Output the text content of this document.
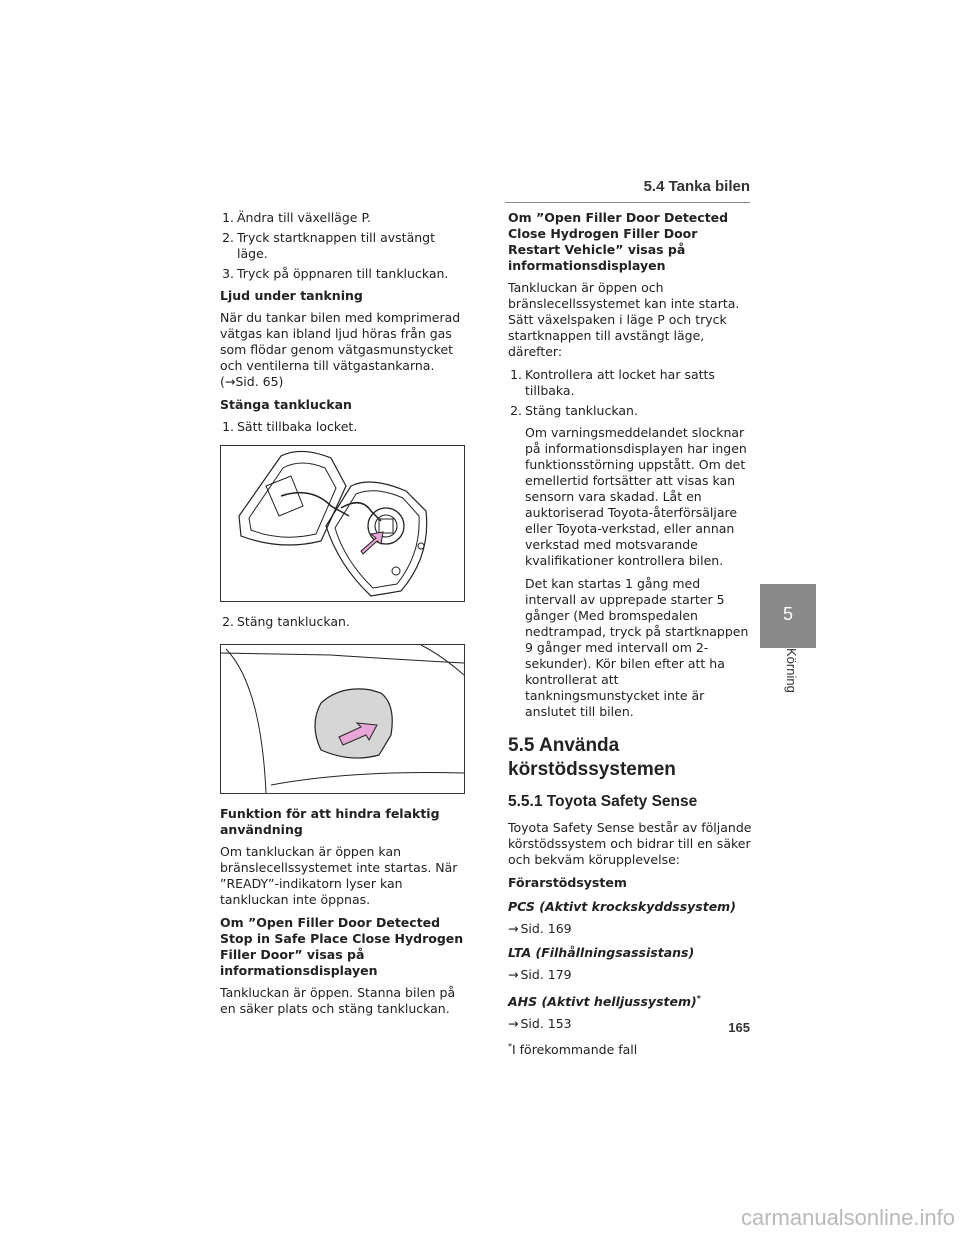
5.4 Tanka bilen
1. Ändra till växelläge P.
2. Tryck startknappen till avstängt läge.
3. Tryck på öppnaren till tankluckan.

Ljud under tankning

När du tankar bilen med komprimerad vätgas kan ibland ljud höras från gas som flödar genom vätgasmunstycket och ventilerna till vätgastankarna. (→Sid. 65)

Stänga tankluckan

1. Sätt tillbaka locket.
2. Stäng tankluckan.

Funktion för att hindra felaktig användning

Om tankluckan är öppen kan bränslecellssystemet inte startas. När ”READY”-indikatorn lyser kan tankluckan inte öppnas.

Om ”Open Filler Door Detected Stop in Safe Place Close Hydrogen Filler Door” visas på informationsdisplayen

Tankluckan är öppen. Stanna bilen på en säker plats och stäng tankluckan.

Om ”Open Filler Door Detected Close Hydrogen Filler Door Restart Vehicle” visas på informationsdisplayen

Tankluckan är öppen och bränslecellssystemet kan inte starta. Sätt växelspaken i läge P och tryck startknappen till avstängt läge, därefter:

1. Kontrollera att locket har satts tillbaka.
2. Stäng tankluckan.

Om varningsmeddelandet slocknar på informationsdisplayen har ingen funktionsstörning uppstått. Om det emellertid fortsätter att visas kan sensorn vara skadad. Låt en auktoriserad Toyota-återförsäljare eller Toyota-verkstad, eller annan verkstad med motsvarande kvalifikationer kontrollera bilen.

Det kan startas 1 gång med intervall av upprepade starter 5 gånger (Med bromspedalen nedtrampad, tryck på startknappen 9 gånger med intervall om 2-sekunder). Kör bilen efter att ha kontrollerat att tankningsmunstycket inte är anslutet till bilen.

5.5 Använda körstödssystemen
5.5.1 Toyota Safety Sense

Toyota Safety Sense består av följande körstödssystem och bidrar till en säker och bekväm körupplevelse:

Förarstödsystem

PCS (Aktivt krockskyddssystem)

→ Sid. 169

LTA (Filhållningsassistans)

→ Sid. 179

AHS (Aktivt helljussystem)*

→ Sid. 153

*I förekommande fall

5
Körning
165
carmanualsonline.info
